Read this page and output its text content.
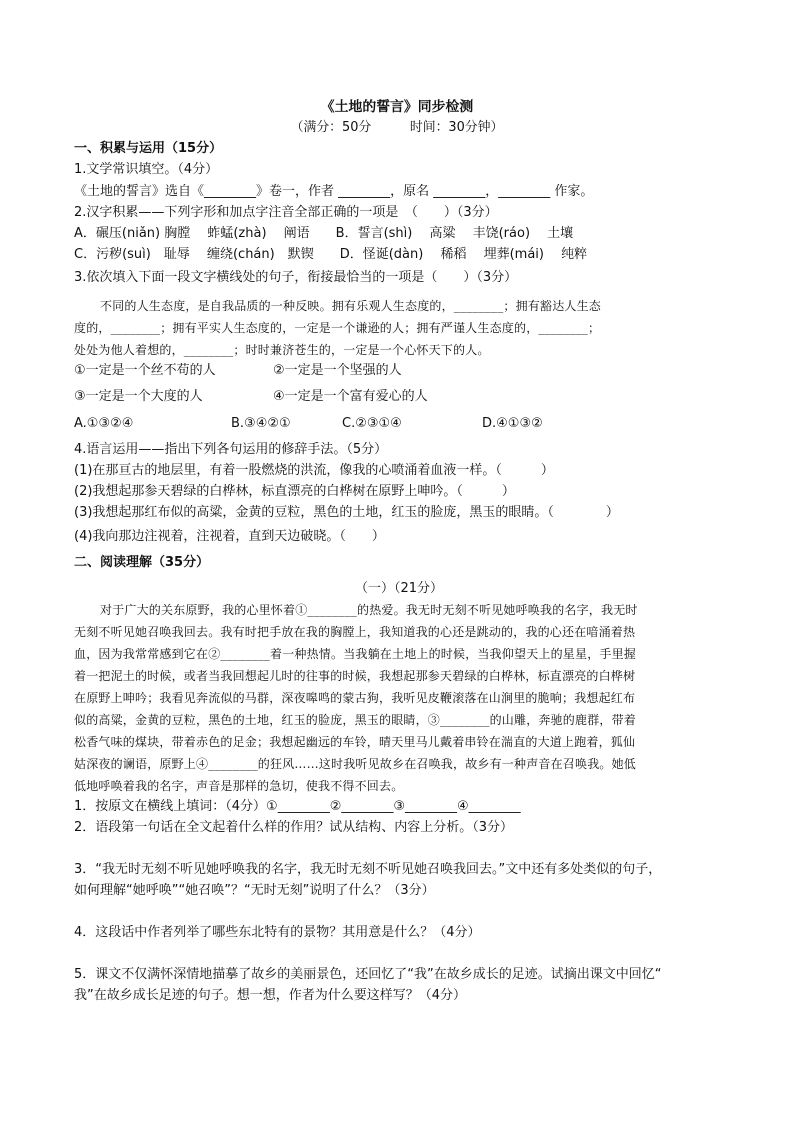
《土地的誓言》同步检测
（满分：50分　　　时间：30分钟）
一、积累与运用（15分）
1.文学常识填空。（4分）
《土地的誓言》选自《________》卷一，作者 ________，原名 ________，________ 作家。
2.汉字积累——下列字形和加点字注音全部正确的一项是　（　　）（3分）
A．碾压(niǎn) 胸膛　 蚱蜢(zhà)　 阐语　　B．誓言(shì)　 高粱　 丰饶(ráo)　 土壤
C．污秽(suì)　耻辱　 缠绕(chán)　默锲　　D．怪诞(dàn)　 稀稻　 埋葬(mái)　 纯粹
3.依次填入下面一段文字横线处的句子，衔接最恰当的一项是（　　）（3分）
不同的人生态度，是自我品质的一种反映。拥有乐观人生态度的，________；拥有豁达人生态
度的，________；拥有平实人生态度的，一定是一个谦逊的人；拥有严谨人生态度的，________；
处处为他人着想的，________；时时兼济苍生的，一定是一个心怀天下的人。
①一定是一个丝不苟的人	②一定是一个坚强的人
③一定是一个大度的人	④一定是一个富有爱心的人
A.①③②④	B.③④②①	C.②③①④	D.④①③②
4.语言运用——指出下列各句运用的修辞手法。（5分）
(1)在那亘古的地层里，有着一股燃烧的洪流，像我的心喷涌着血液一样。（　　　）
(2)我想起那参天碧绿的白桦林，标直漂亮的白桦树在原野上呻吟。（　　　）
(3)我想起那红布似的高粱，金黄的豆粒，黑色的土地，红玉的脸庞，黑玉的眼睛。（　　　　）
(4)我向那边注视着，注视着，直到天边破晓。（　　）
二、阅读理解（35分）
（一）（21分）
对于广大的关东原野，我的心里怀着①________的热爱。我无时无刻不听见她呼唤我的名字，我无时
无刻不听见她召唤我回去。我有时把手放在我的胸膛上，我知道我的心还是跳动的，我的心还在喑涌着热
血，因为我常常感到它在②________着一种热情。当我躺在土地上的时候，当我仰望天上的星星，手里握
着一把泥土的时候，或者当我回想起儿时的往事的时候，我想起那参天碧绿的白桦林，标直漂亮的白桦树
在原野上呻吟；我看见奔流似的马群，深夜嗥鸣的蒙古狗，我听见皮鞭滚落在山涧里的脆响；我想起红布
似的高粱，金黄的豆粒，黑色的土地，红玉的脸庞，黑玉的眼睛，③________的山雕，奔驰的鹿群，带着
松香气味的煤块，带着赤色的足金；我想起幽远的车铃，晴天里马儿戴着串铃在湍直的大道上跑着，狐仙
姑深夜的谰语，原野上④________的狂风……这时我听见故乡在召唤我，故乡有一种声音在召唤我。她低
低地呼唤着我的名字，声音是那样的急切，使我不得不回去。
1．按原文在横线上填词：（4分）①________②________③________④________
2．语段第一句话在全文起着什么样的作用？试从结构、内容上分析。（3分）
3．“我无时无刻不听见她呼唤我的名字，我无时无刻不听见她召唤我回去。”文中还有多处类似的句子，
如何理解“她呼唤”“她召唤”？“无时无刻”说明了什么？（3分）
4．这段话中作者列举了哪些东北特有的景物？其用意是什么？（4分）
5．课文不仅满怀深情地描摹了故乡的美丽景色，还回忆了“我”在故乡成长的足迹。试摘出课文中回忆“
我”在故乡成长足迹的句子。想一想，作者为什么要这样写？（4分）
